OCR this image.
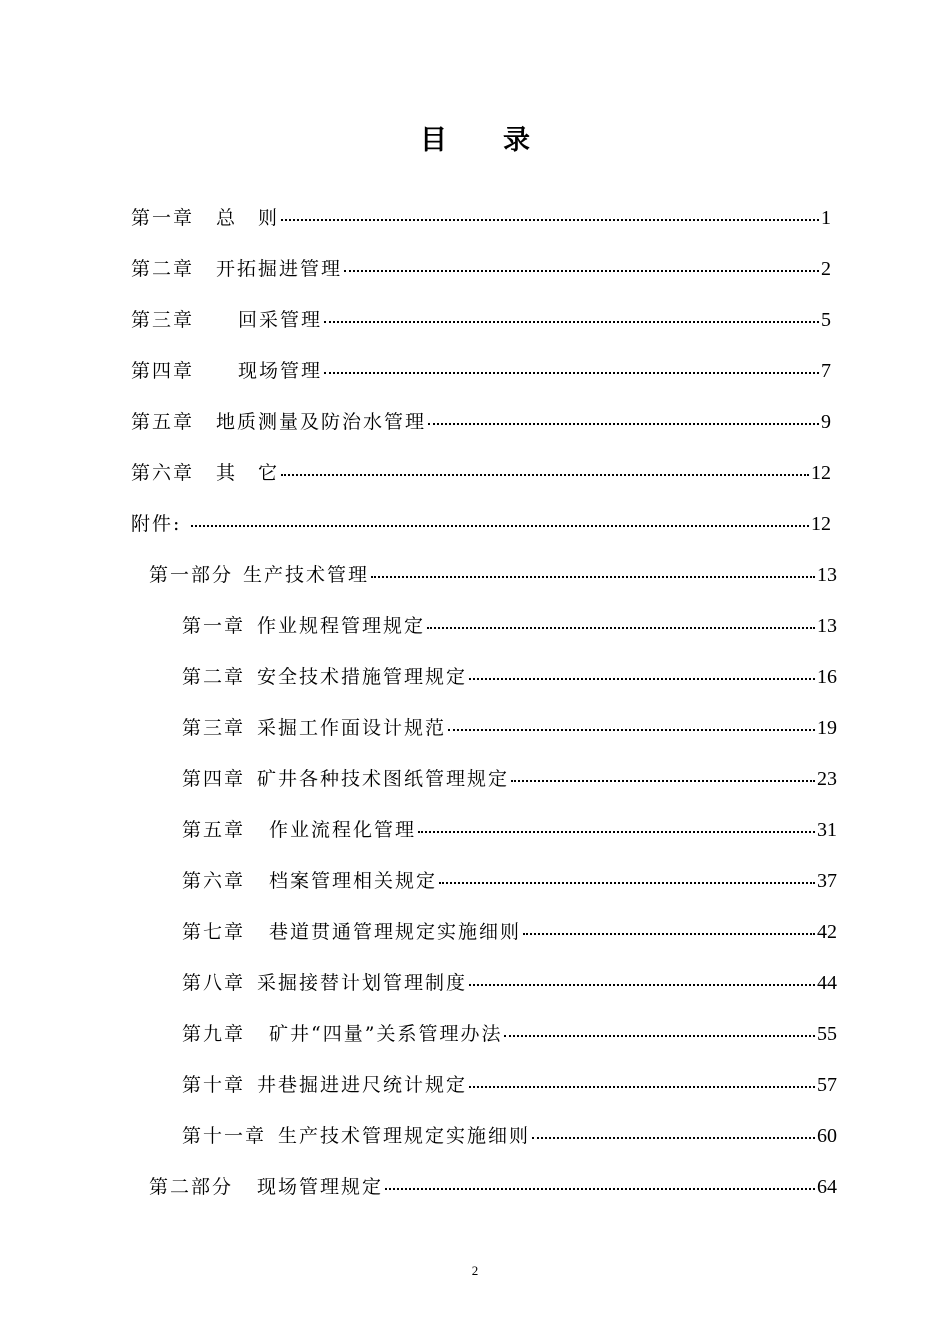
目 录
第一章 总　则	1
第二章 开拓掘进管理	2
第三章 回采管理	5
第四章 现场管理	7
第五章 地质测量及防治水管理	9
第六章 其　它	12
附件:	12
第一部分 生产技术管理	13
第一章 作业规程管理规定	13
第二章 安全技术措施管理规定	16
第三章 采掘工作面设计规范	19
第四章 矿井各种技术图纸管理规定	23
第五章 作业流程化管理	31
第六章 档案管理相关规定	37
第七章 巷道贯通管理规定实施细则	42
第八章 采掘接替计划管理制度	44
第九章 矿井“四量”关系管理办法	55
第十章 井巷掘进进尺统计规定	57
第十一章 生产技术管理规定实施细则	60
第二部分 现场管理规定	64
2
